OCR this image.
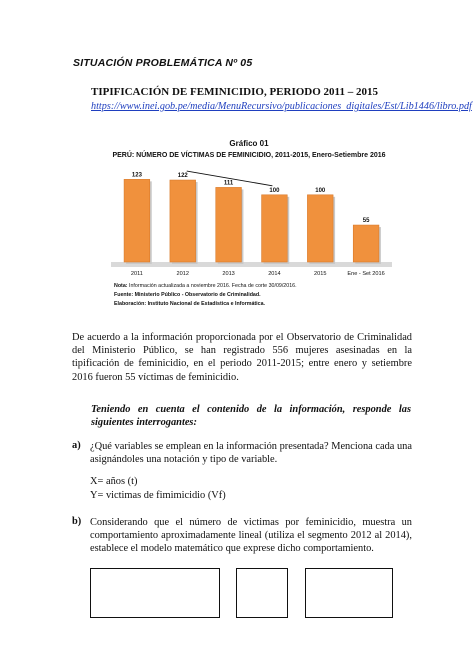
SITUACIÓN PROBLEMÁTICA Nº 05
TIPIFICACIÓN DE FEMINICIDIO, PERIODO 2011 – 2015
https://www.inei.gob.pe/media/MenuRecursivo/publicaciones_digitales/Est/Lib1446/libro.pdf
Gráfico 01
PERÚ: NÚMERO DE VÍCTIMAS DE FEMINICIDIO, 2011-2015, Enero-Setiembre 2016
123
2011
122
2012
111
2013
100
2014
100
2015
55
Ene - Set 2016
Nota: Información actualizada a noviembre 2016. Fecha de corte 30/09/2016.
Fuente: Ministerio Público - Observatorio de Criminalidad.
Elaboración: Instituto Nacional de Estadística e Informática.
De acuerdo a la información proporcionada por el Observatorio de Criminalidad del Ministerio Público, se han registrado 556 mujeres asesinadas en la tipificación de feminicidio, en el periodo 2011-2015; entre enero y setiembre 2016 fueron 55 víctimas de feminicidio.
Teniendo en cuenta el contenido de la información, responde las siguientes interrogantes:
a) ¿Qué variables se emplean en la información presentada? Menciona cada una asignándoles una notación y tipo de variable.
X= años (t)
Y= victimas de fimimicidio (Vf)
b) Considerando que el número de victimas por feminicidio, muestra un comportamiento aproximadamente lineal (utiliza el segmento 2012 al 2014), establece el modelo matemático que exprese dicho comportamiento.
